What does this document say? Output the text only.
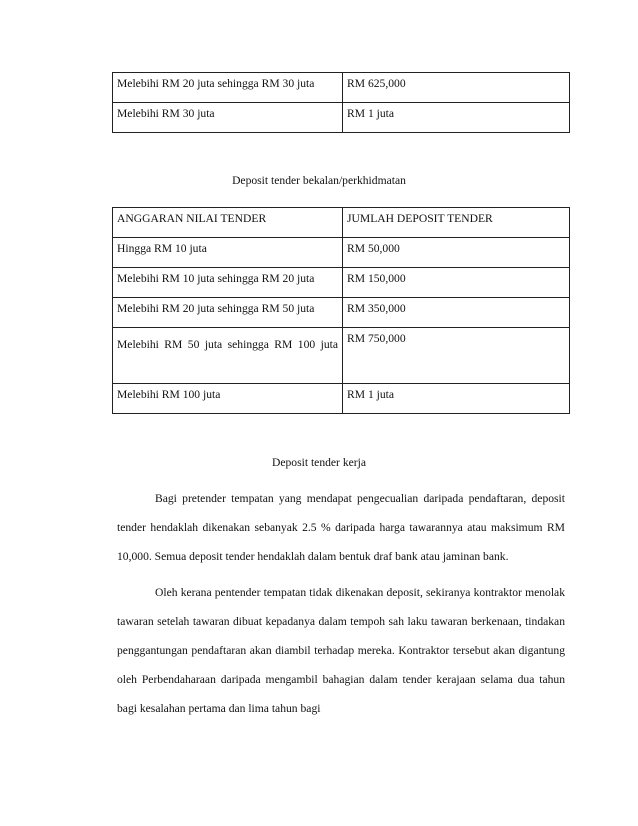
Melebihi RM 20 juta sehingga RM 30 juta	RM 625,000
Melebihi RM 30 juta	RM 1 juta
Deposit tender bekalan/perkhidmatan
ANGGARAN NILAI TENDER	JUMLAH DEPOSIT TENDER
Hingga RM 10 juta	RM 50,000
Melebihi RM 10 juta sehingga RM 20 juta	RM 150,000
Melebihi RM 20 juta sehingga RM 50 juta	RM 350,000
Melebihi RM 50 juta sehingga RM 100 juta	RM 750,000
Melebihi RM 100 juta	RM 1 juta
Deposit tender kerja

Bagi pretender tempatan yang mendapat pengecualian daripada pendaftaran, deposit tender hendaklah dikenakan sebanyak 2.5 % daripada harga tawarannya atau maksimum RM 10,000. Semua deposit tender hendaklah dalam bentuk draf bank atau jaminan bank.

Oleh kerana pentender tempatan tidak dikenakan deposit, sekiranya kontraktor menolak tawaran setelah tawaran dibuat kepadanya dalam tempoh sah laku tawaran berkenaan, tindakan penggantungan pendaftaran akan diambil terhadap mereka. Kontraktor tersebut akan digantung oleh Perbendaharaan daripada mengambil bahagian dalam tender kerajaan selama dua tahun bagi kesalahan pertama dan lima tahun bagi
